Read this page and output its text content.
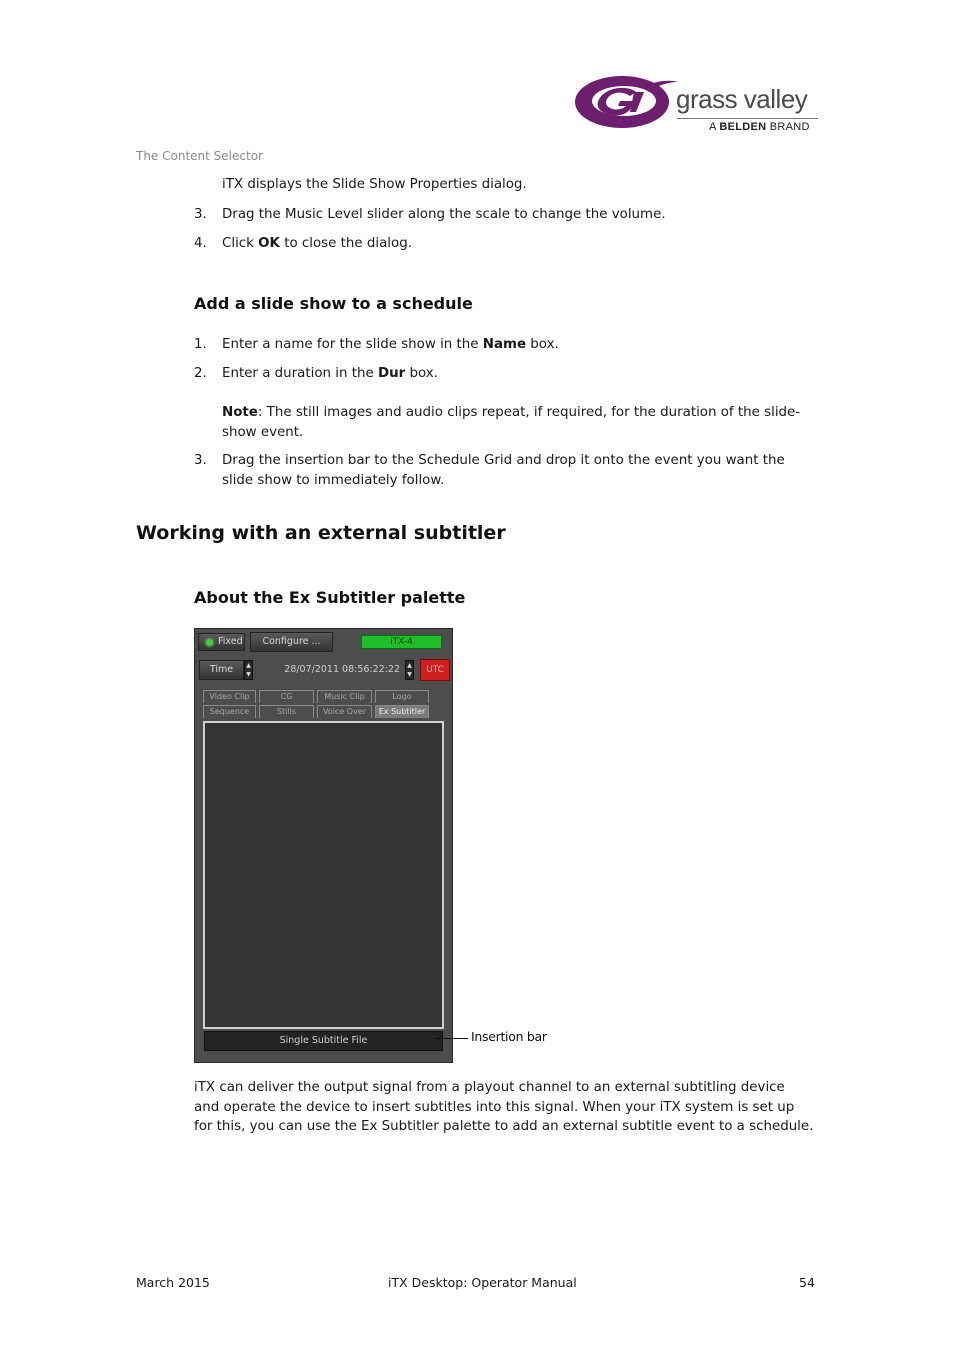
grass valley
A BELDEN BRAND
The Content Selector
iTX displays the Slide Show Properties dialog.
3. Drag the Music Level slider along the scale to change the volume.
4. Click OK to close the dialog.
Add a slide show to a schedule
1. Enter a name for the slide show in the Name box.
2. Enter a duration in the Dur box.
Note: The still images and audio clips repeat, if required, for the duration of the slide-show event.
3. Drag the insertion bar to the Schedule Grid and drop it onto the event you want the slide show to immediately follow.
Working with an external subtitler
About the Ex Subtitler palette
Fixed	Configure ...	iTX-4
Time	▲
▼	28/07/2011 08:56:22:22	▲
▼	UTC
Video Clip	CG	Music Clip	Logo
Sequence	Stills	Voice Over	Ex Subtitler
Single Subtitle File	Insertion bar
iTX can deliver the output signal from a playout channel to an external subtitling device and operate the device to insert subtitles into this signal. When your iTX system is set up for this, you can use the Ex Subtitler palette to add an external subtitle event to a schedule.
March 2015	iTX Desktop: Operator Manual	54
